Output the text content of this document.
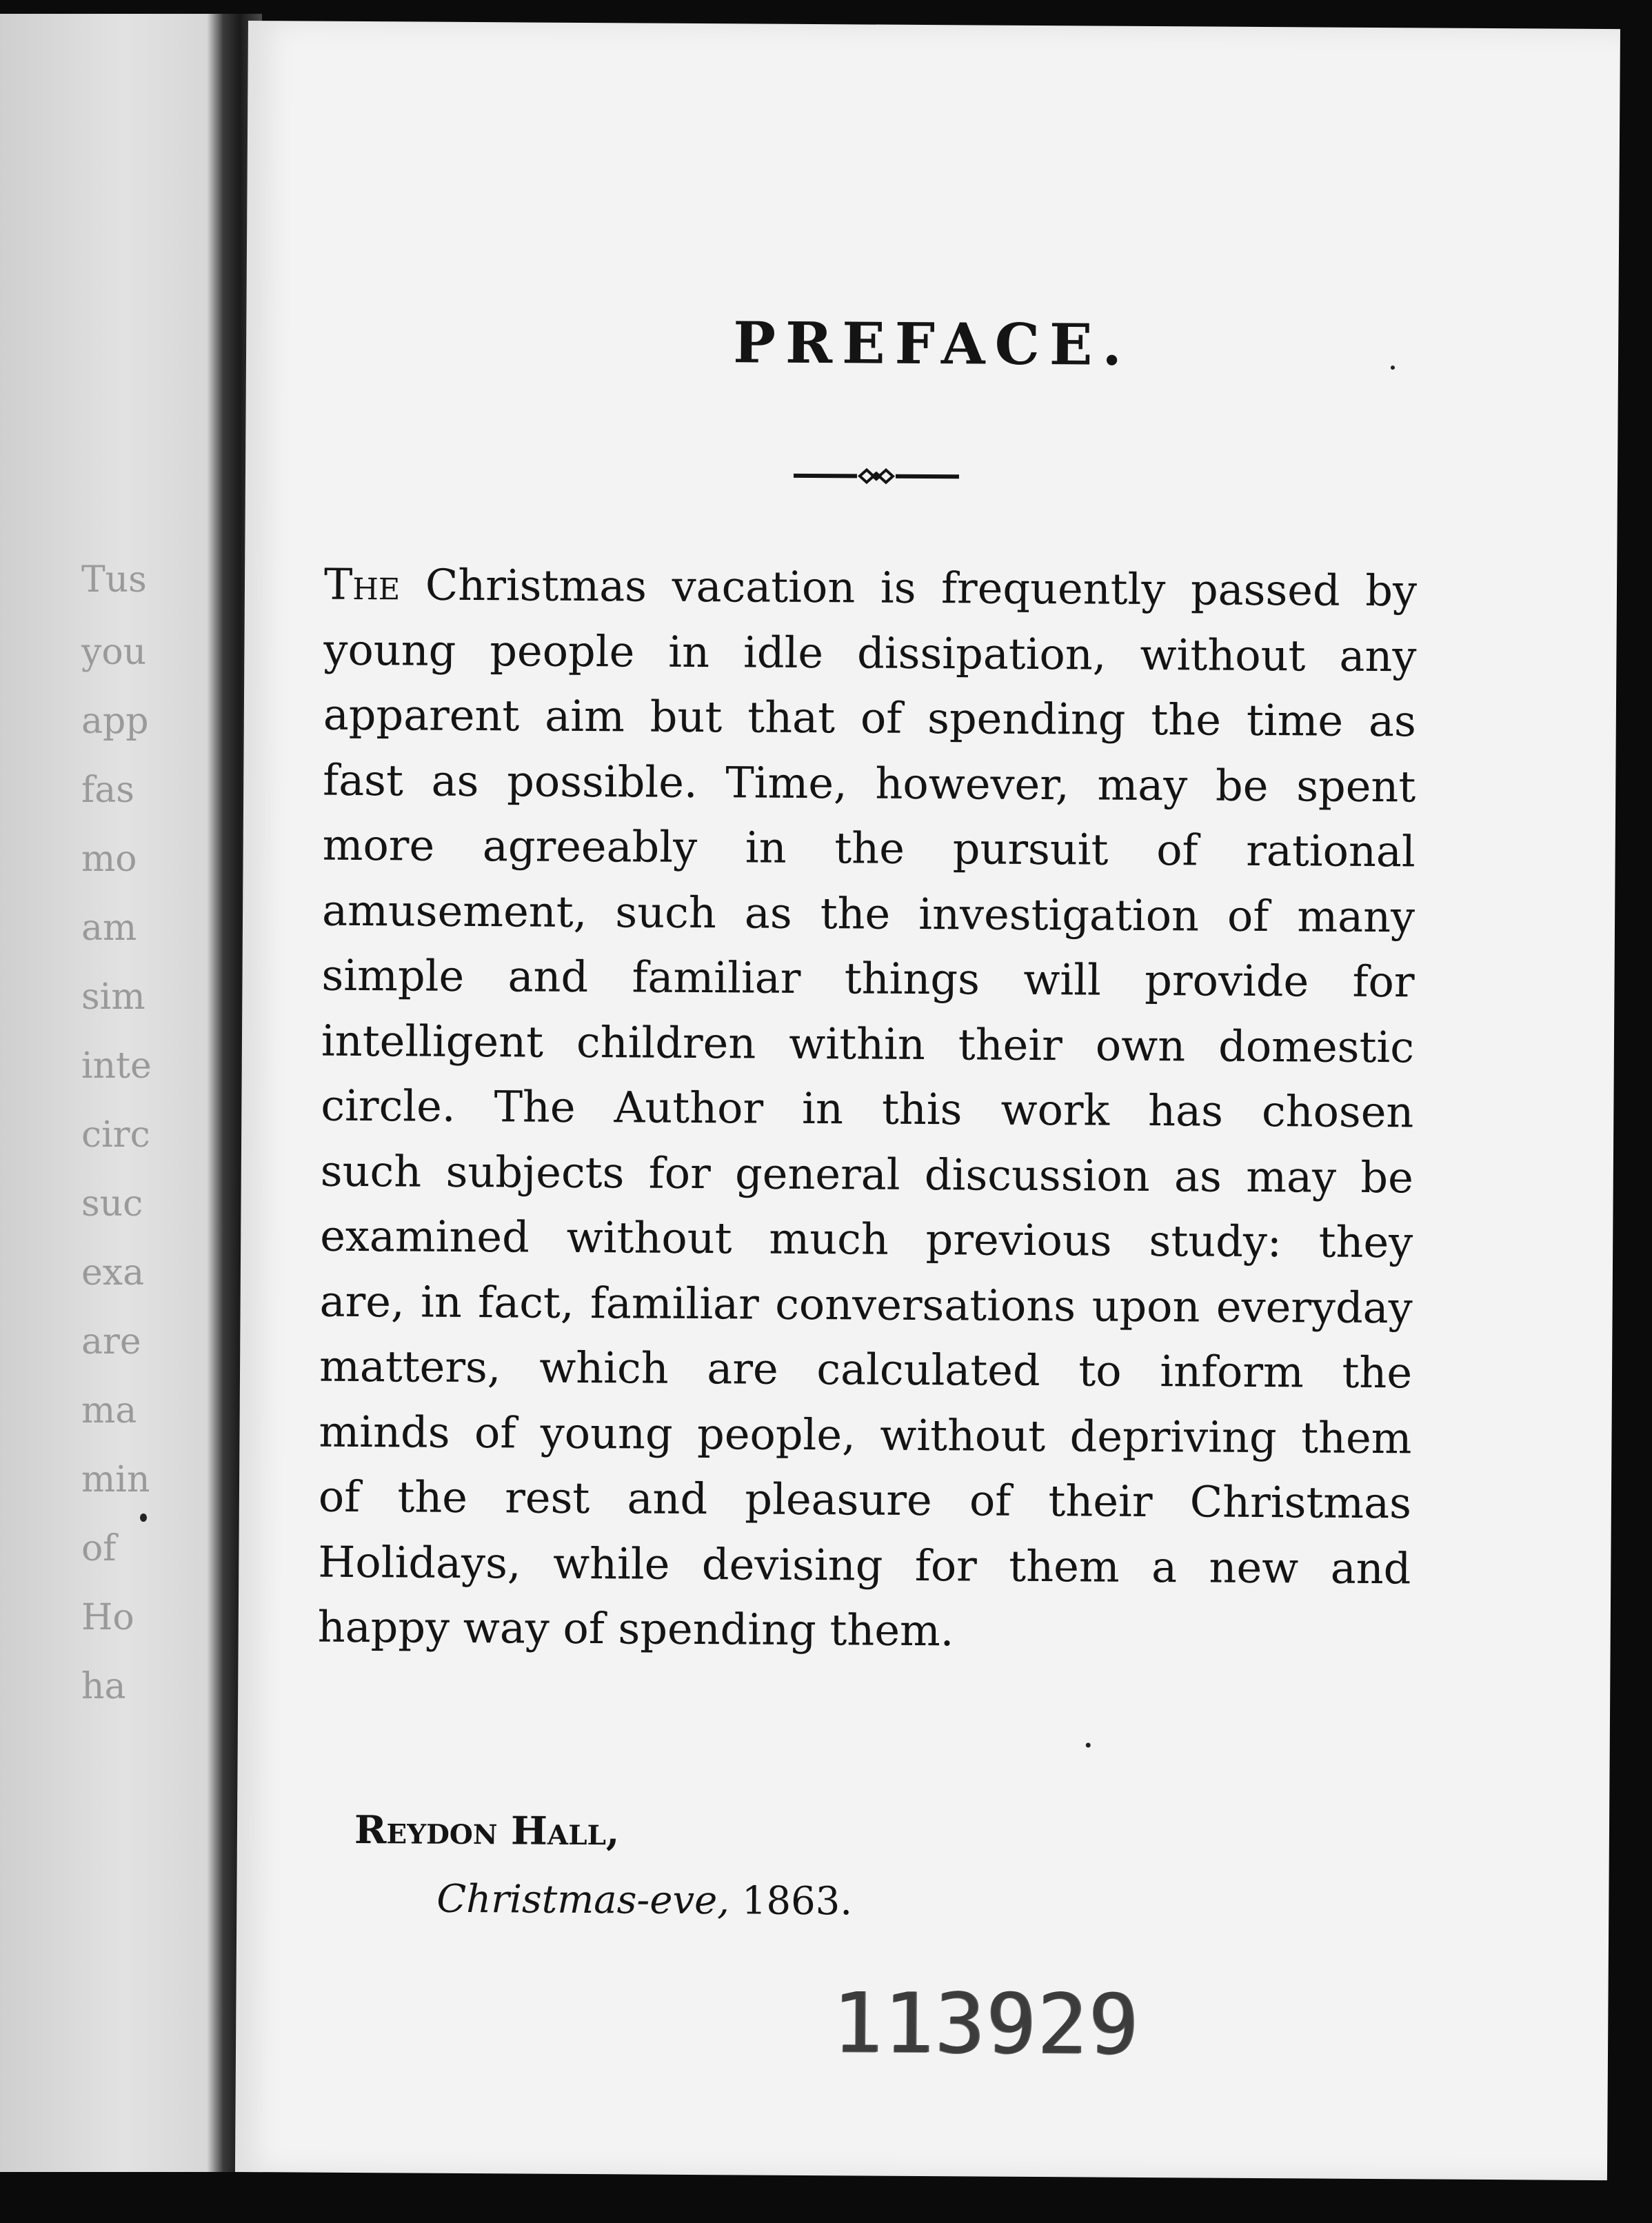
Tus
you
app
fas
mo
am
sim
inte
circ
suc
exa
are
ma
min
of
Ho
ha
PREFACE.
The Christmas vacation is frequently passed by
young people in idle dissipation, without any
apparent aim but that of spending the time as
fast as possible. Time, however, may be spent
more agreeably in the pursuit of rational
amusement, such as the investigation of many
simple and familiar things will provide for
intelligent children within their own domestic
circle. The Author in this work has chosen
such subjects for general discussion as may be
examined without much previous study: they
are, in fact, familiar conversations upon everyday
matters, which are calculated to inform the
minds of young people, without depriving them
of the rest and pleasure of their Christmas
Holidays, while devising for them a new and
happy way of spending them.
Reydon Hall,
Christmas-eve, 1863.
113929
